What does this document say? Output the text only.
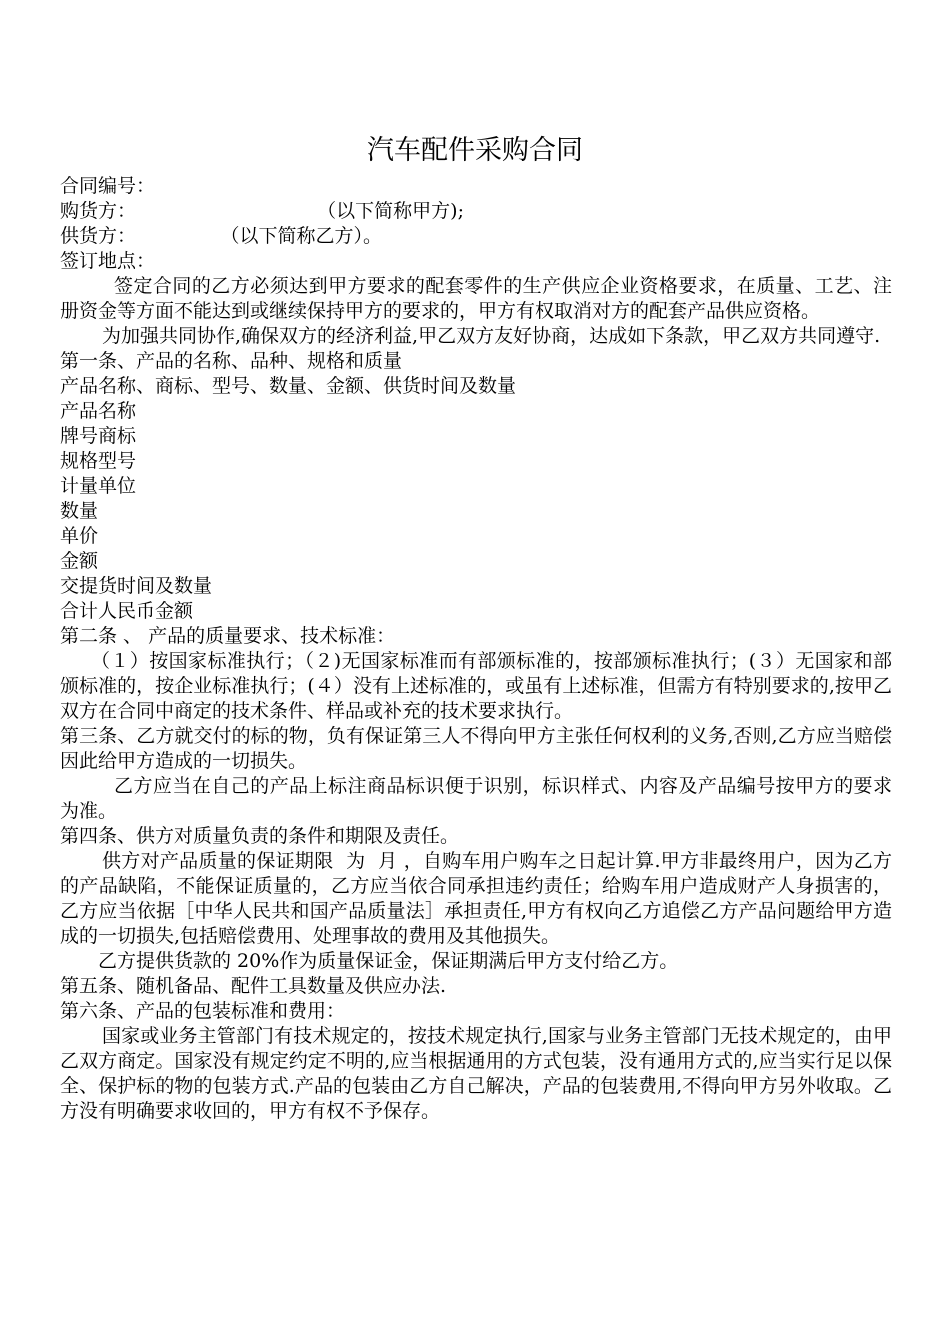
汽车配件采购合同

合同编号：

购货方：                              （以下简称甲方);

供货方：              （以下简称乙方）。

签订地点：

签定合同的乙方必须达到甲方要求的配套零件的生产供应企业资格要求，在质量、工艺、注册资金等方面不能达到或继续保持甲方的要求的，甲方有权取消对方的配套产品供应资格。

为加强共同协作,确保双方的经济利益,甲乙双方友好协商，达成如下条款，甲乙双方共同遵守.

第一条、产品的名称、品种、规格和质量

产品名称、商标、型号、数量、金额、供货时间及数量

产品名称

牌号商标

规格型号

计量单位

数量

单价

金额

交提货时间及数量

合计人民币金额

第二条 、 产品的质量要求、技术标准：

（１）按国家标准执行；（２)无国家标准而有部颁标准的，按部颁标准执行；(３）无国家和部颁标准的，按企业标准执行；(４）没有上述标准的，或虽有上述标准，但需方有特别要求的,按甲乙双方在合同中商定的技术条件、样品或补充的技术要求执行。

第三条、乙方就交付的标的物，负有保证第三人不得向甲方主张任何权利的义务,否则,乙方应当赔偿因此给甲方造成的一切损失。

乙方应当在自己的产品上标注商品标识便于识别，标识样式、内容及产品编号按甲方的要求为准。

第四条、供方对质量负责的条件和期限及责任。

供方对产品质量的保证期限  为  月 ，自购车用户购车之日起计算.甲方非最终用户，因为乙方的产品缺陷，不能保证质量的，乙方应当依合同承担违约责任；给购车用户造成财产人身损害的，乙方应当依据［中华人民共和国产品质量法］承担责任,甲方有权向乙方追偿乙方产品问题给甲方造成的一切损失,包括赔偿费用、处理事故的费用及其他损失。

乙方提供货款的 20%作为质量保证金，保证期满后甲方支付给乙方。

第五条、随机备品、配件工具数量及供应办法.

第六条、产品的包装标准和费用：

国家或业务主管部门有技术规定的，按技术规定执行,国家与业务主管部门无技术规定的，由甲乙双方商定。国家没有规定约定不明的,应当根据通用的方式包装，没有通用方式的,应当实行足以保全、保护标的物的包装方式.产品的包装由乙方自己解决，产品的包装费用,不得向甲方另外收取。乙方没有明确要求收回的，甲方有权不予保存。
